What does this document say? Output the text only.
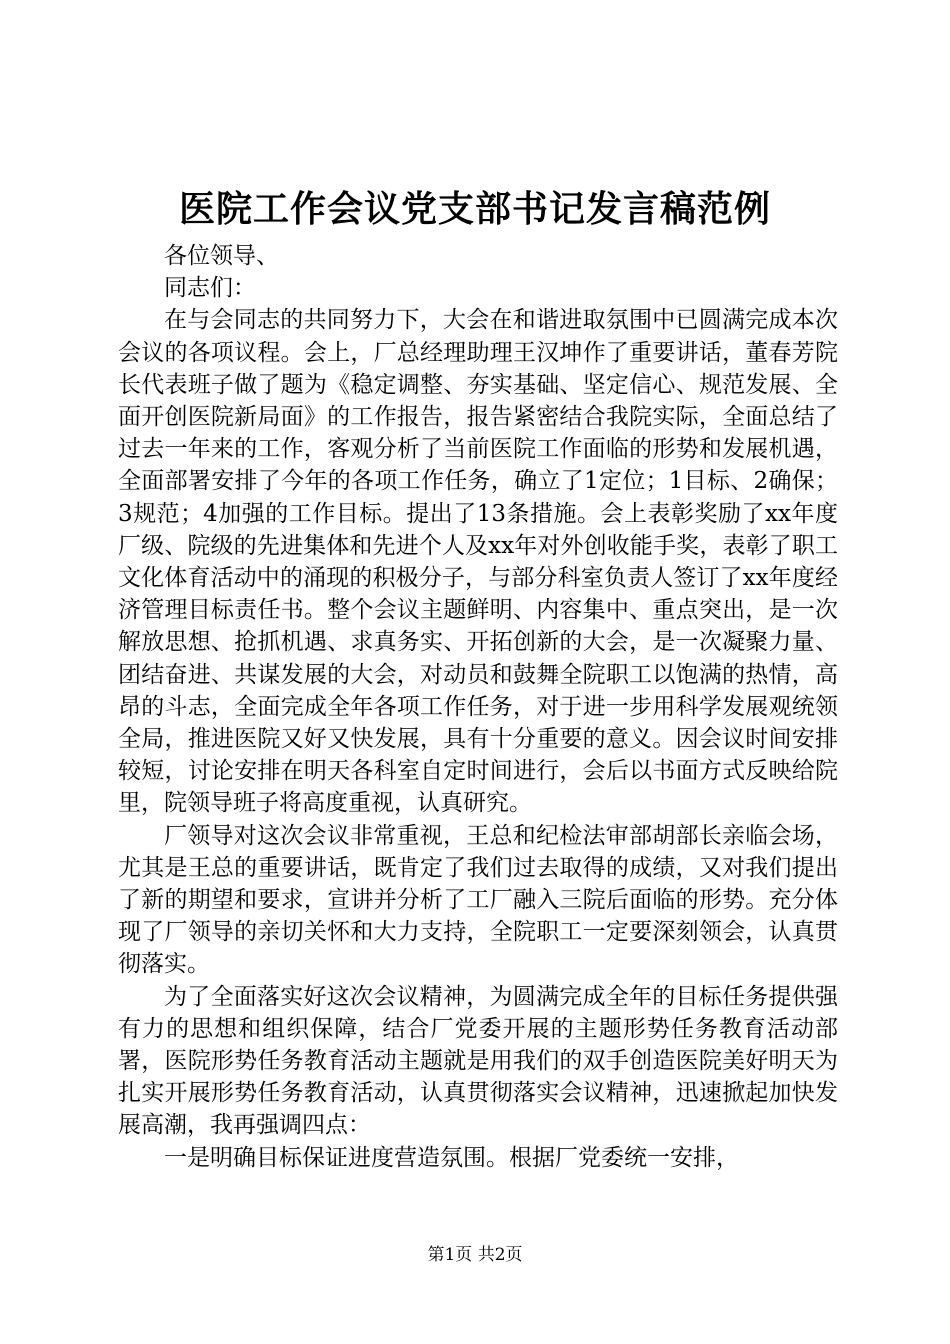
医院工作会议党支部书记发言稿范例

各位领导、

同志们：

在与会同志的共同努力下，大会在和谐进取氛围中已圆满完成本次会议的各项议程。会上，厂总经理助理王汉坤作了重要讲话，董春芳院长代表班子做了题为《稳定调整、夯实基础、坚定信心、规范发展、全面开创医院新局面》的工作报告，报告紧密结合我院实际，全面总结了过去一年来的工作，客观分析了当前医院工作面临的形势和发展机遇，全面部署安排了今年的各项工作任务，确立了1定位；1目标、2确保；3规范；4加强的工作目标。提出了13条措施。会上表彰奖励了xx年度厂级、院级的先进集体和先进个人及xx年对外创收能手奖，表彰了职工文化体育活动中的涌现的积极分子，与部分科室负责人签订了xx年度经济管理目标责任书。整个会议主题鲜明、内容集中、重点突出，是一次解放思想、抢抓机遇、求真务实、开拓创新的大会，是一次凝聚力量、团结奋进、共谋发展的大会，对动员和鼓舞全院职工以饱满的热情，高昂的斗志，全面完成全年各项工作任务，对于进一步用科学发展观统领全局，推进医院又好又快发展，具有十分重要的意义。因会议时间安排较短，讨论安排在明天各科室自定时间进行，会后以书面方式反映给院里，院领导班子将高度重视，认真研究。

厂领导对这次会议非常重视，王总和纪检法审部胡部长亲临会场，尤其是王总的重要讲话，既肯定了我们过去取得的成绩，又对我们提出了新的期望和要求，宣讲并分析了工厂融入三院后面临的形势。充分体现了厂领导的亲切关怀和大力支持，全院职工一定要深刻领会，认真贯彻落实。

为了全面落实好这次会议精神，为圆满完成全年的目标任务提供强有力的思想和组织保障，结合厂党委开展的主题形势任务教育活动部署，医院形势任务教育活动主题就是用我们的双手创造医院美好明天为扎实开展形势任务教育活动，认真贯彻落实会议精神，迅速掀起加快发展高潮，我再强调四点：

一是明确目标保证进度营造氛围。根据厂党委统一安排，

第1页 共2页
